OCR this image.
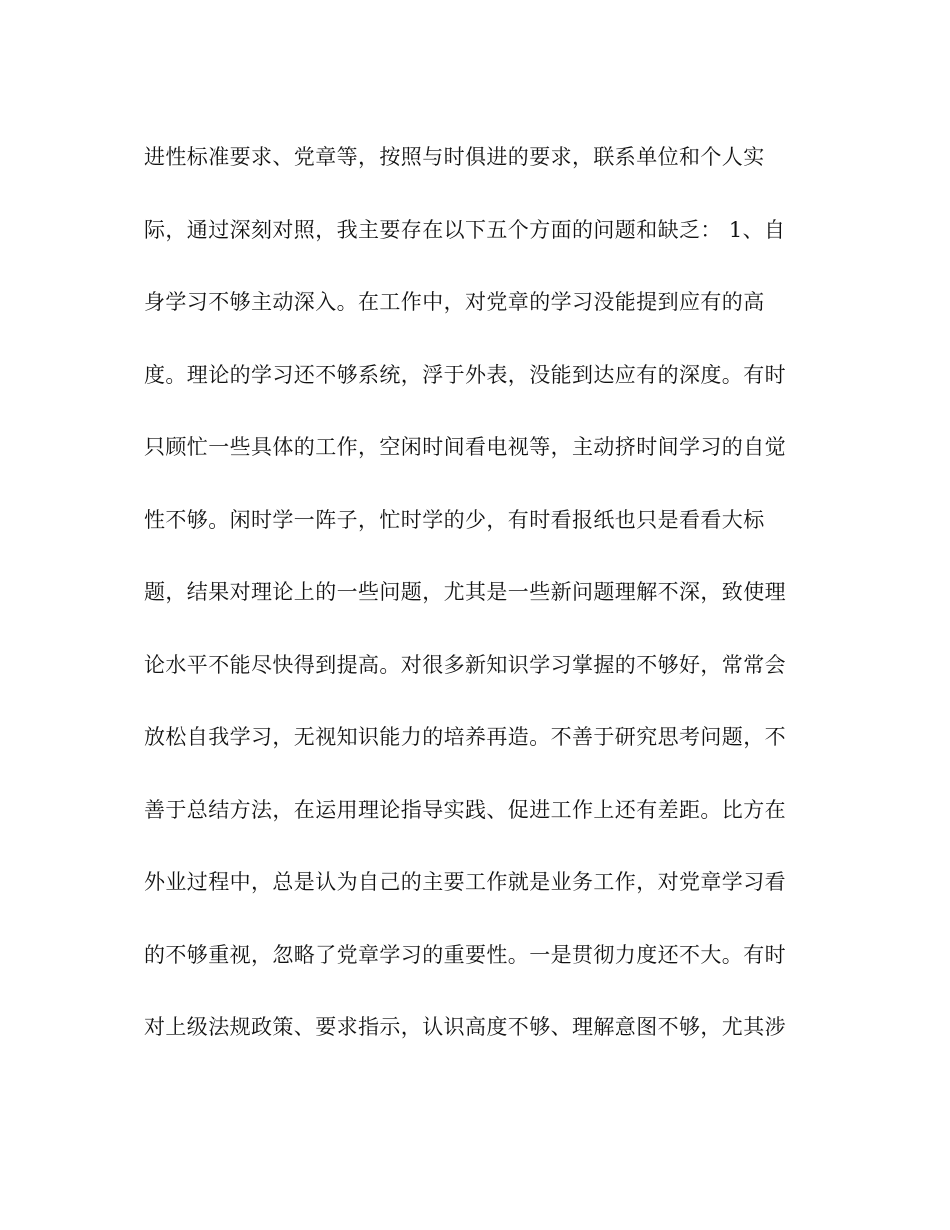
进性标准要求、党章等，按照与时俱进的要求，联系单位和个人实
际，通过深刻对照，我主要存在以下五个方面的问题和缺乏： 1、自
身学习不够主动深入。在工作中，对党章的学习没能提到应有的高
度。理论的学习还不够系统，浮于外表，没能到达应有的深度。有时
只顾忙一些具体的工作，空闲时间看电视等，主动挤时间学习的自觉
性不够。闲时学一阵子，忙时学的少，有时看报纸也只是看看大标
题，结果对理论上的一些问题，尤其是一些新问题理解不深，致使理
论水平不能尽快得到提高。对很多新知识学习掌握的不够好，常常会
放松自我学习，无视知识能力的培养再造。不善于研究思考问题，不
善于总结方法，在运用理论指导实践、促进工作上还有差距。比方在
外业过程中，总是认为自己的主要工作就是业务工作，对党章学习看
的不够重视，忽略了党章学习的重要性。一是贯彻力度还不大。有时
对上级法规政策、要求指示，认识高度不够、理解意图不够，尤其涉
